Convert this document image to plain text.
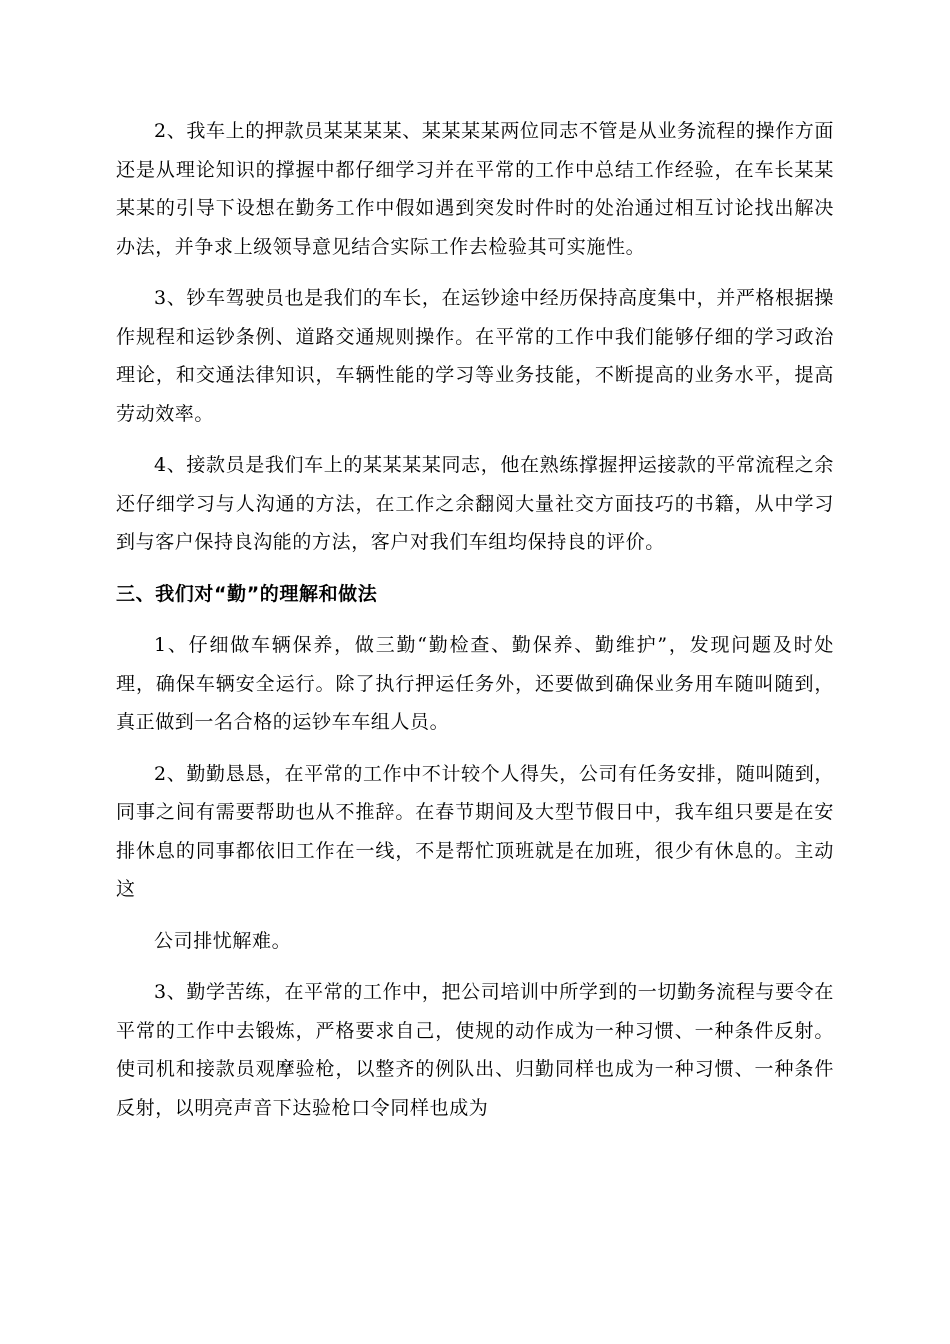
2、我车上的押款员某某某某、某某某某两位同志不管是从业务流程的操作方面还是从理论知识的撑握中都仔细学习并在平常的工作中总结工作经验，在车长某某某某的引导下设想在勤务工作中假如遇到突发时件时的处治通过相互讨论找出解决办法，并争求上级领导意见结合实际工作去检验其可实施性。

3、钞车驾驶员也是我们的车长，在运钞途中经历保持高度集中，并严格根据操作规程和运钞条例、道路交通规则操作。在平常的工作中我们能够仔细的学习政治理论，和交通法律知识，车辆性能的学习等业务技能，不断提高的业务水平，提高劳动效率。

4、接款员是我们车上的某某某某同志，他在熟练撑握押运接款的平常流程之余还仔细学习与人沟通的方法，在工作之余翻阅大量社交方面技巧的书籍，从中学习到与客户保持良沟能的方法，客户对我们车组均保持良的评价。

三、我们对“勤”的理解和做法

1、仔细做车辆保养，做三勤“勤检查、勤保养、勤维护”，发现问题及时处理，确保车辆安全运行。除了执行押运任务外，还要做到确保业务用车随叫随到，真正做到一名合格的运钞车车组人员。

2、勤勤恳恳，在平常的工作中不计较个人得失，公司有任务安排，随叫随到，同事之间有需要帮助也从不推辞。在春节期间及大型节假日中，我车组只要是在安排休息的同事都依旧工作在一线，不是帮忙顶班就是在加班，很少有休息的。主动这

公司排忧解难。

3、勤学苦练，在平常的工作中，把公司培训中所学到的一切勤务流程与要令在平常的工作中去锻炼，严格要求自己，使规的动作成为一种习惯、一种条件反射。使司机和接款员观摩验枪，以整齐的例队出、归勤同样也成为一种习惯、一种条件反射，以明亮声音下达验枪口令同样也成为
